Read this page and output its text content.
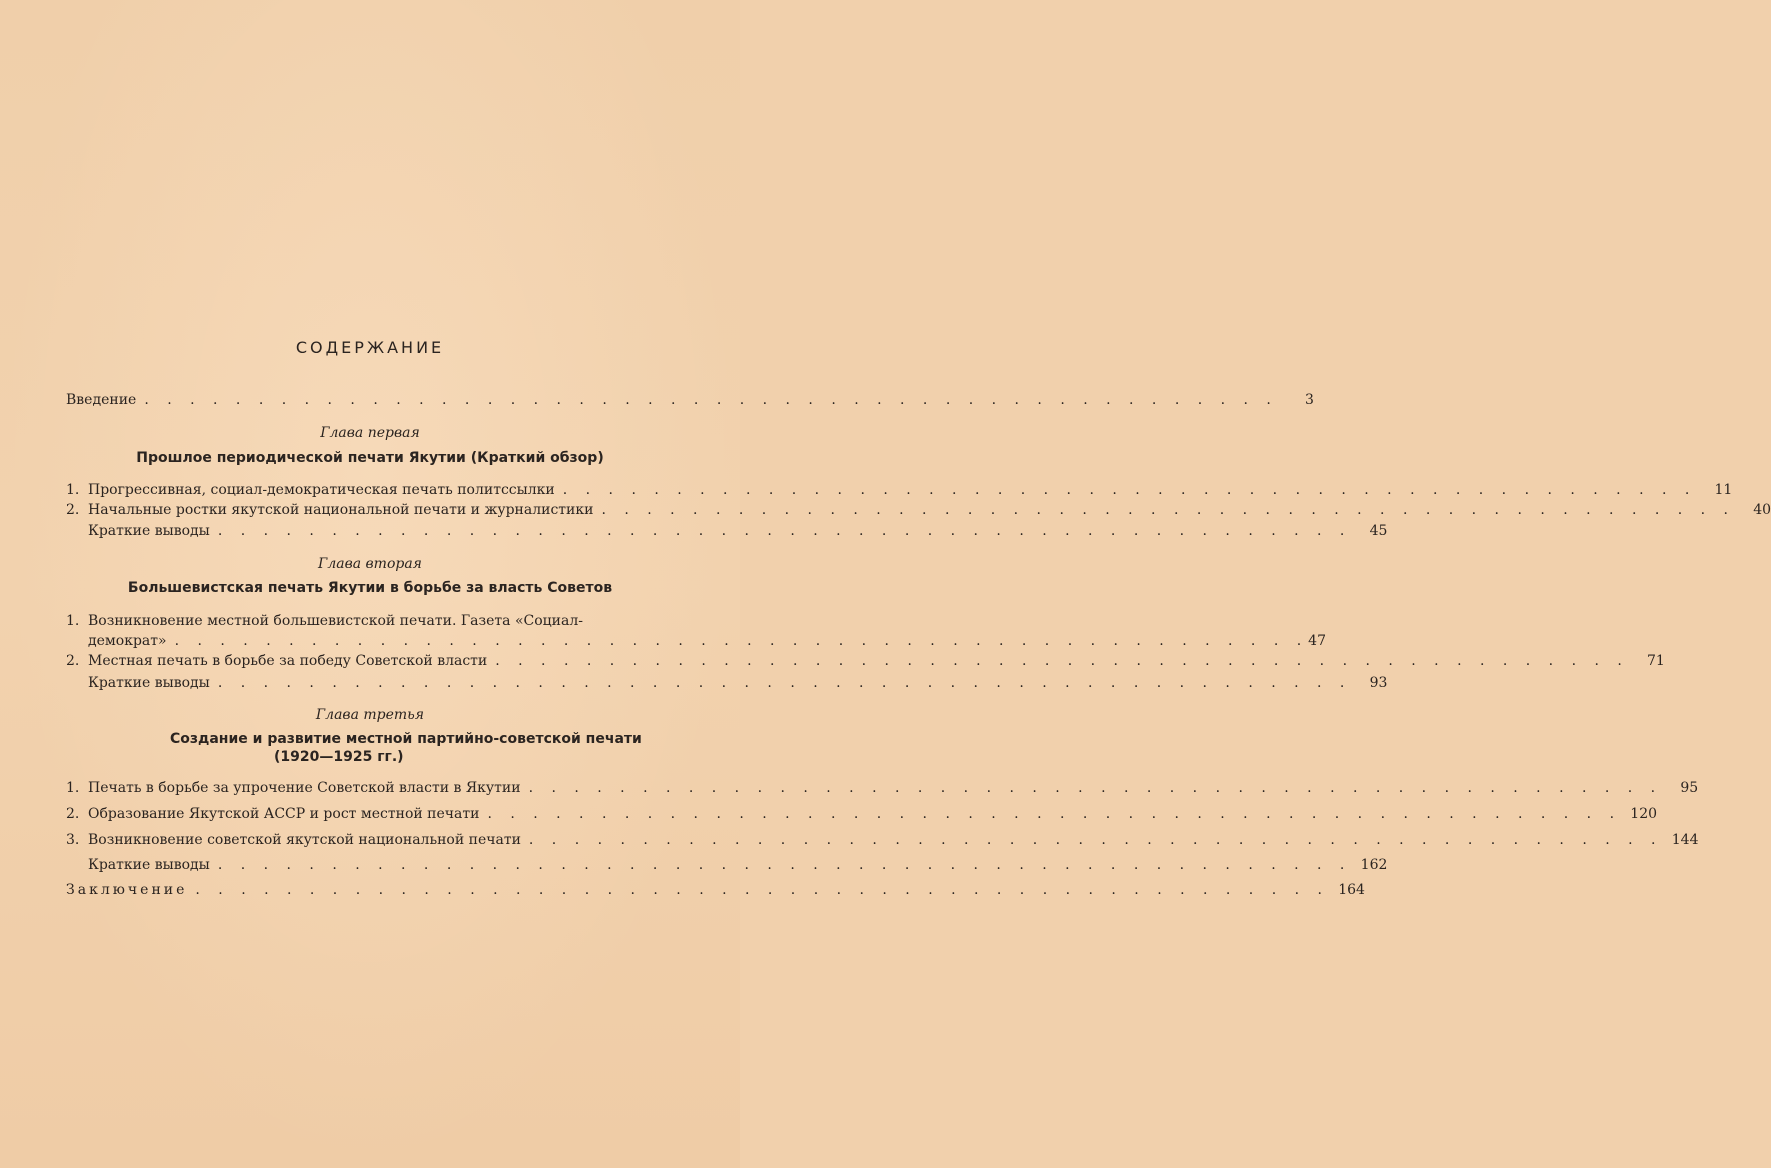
СОДЕРЖАНИЕ
Введение . . . . . . . . . . . . . . . . . . . . . . . . . . . . . . . . . . . . . . . . . . . . . . . . . .	3
Глава первая
Прошлое периодической печати Якутии (Краткий обзор)
1. Прогрессивная, социал-демократическая печать политссылки . . . . . . . . . . . . . . . . . . . . . . . . . . . . . . . . . . . . . . . . . . . . . . . . . .	11
2. Начальные ростки якутской национальной печати и журналистики . . . . . . . . . . . . . . . . . . . . . . . . . . . . . . . . . . . . . . . . . . . . . . . . . .	40
Краткие выводы . . . . . . . . . . . . . . . . . . . . . . . . . . . . . . . . . . . . . . . . . . . . . . . . . .	45
Глава вторая
Большевистская печать Якутии в борьбе за власть Советов
1. Возникновение местной большевистской печати. Газета «Социал-
демократ» . . . . . . . . . . . . . . . . . . . . . . . . . . . . . . . . . . . . . . . . . . . . . . . . . . 47
2. Местная печать в борьбе за победу Советской власти . . . . . . . . . . . . . . . . . . . . . . . . . . . . . . . . . . . . . . . . . . . . . . . . . .	71
Краткие выводы . . . . . . . . . . . . . . . . . . . . . . . . . . . . . . . . . . . . . . . . . . . . . . . . . .	93
Глава третья
Создание и развитие местной партийно-советской печати
(1920—1925 гг.)
1. Печать в борьбе за упрочение Советской власти в Якутии . . . . . . . . . . . . . . . . . . . . . . . . . . . . . . . . . . . . . . . . . . . . . . . . . .	95
2. Образование Якутской АССР и рост местной печати . . . . . . . . . . . . . . . . . . . . . . . . . . . . . . . . . . . . . . . . . . . . . . . . . . 120
3. Возникновение советской якутской национальной печати . . . . . . . . . . . . . . . . . . . . . . . . . . . . . . . . . . . . . . . . . . . . . . . . . . 144
Краткие выводы . . . . . . . . . . . . . . . . . . . . . . . . . . . . . . . . . . . . . . . . . . . . . . . . . . 162
Заключение . . . . . . . . . . . . . . . . . . . . . . . . . . . . . . . . . . . . . . . . . . . . . . . . . . 164
